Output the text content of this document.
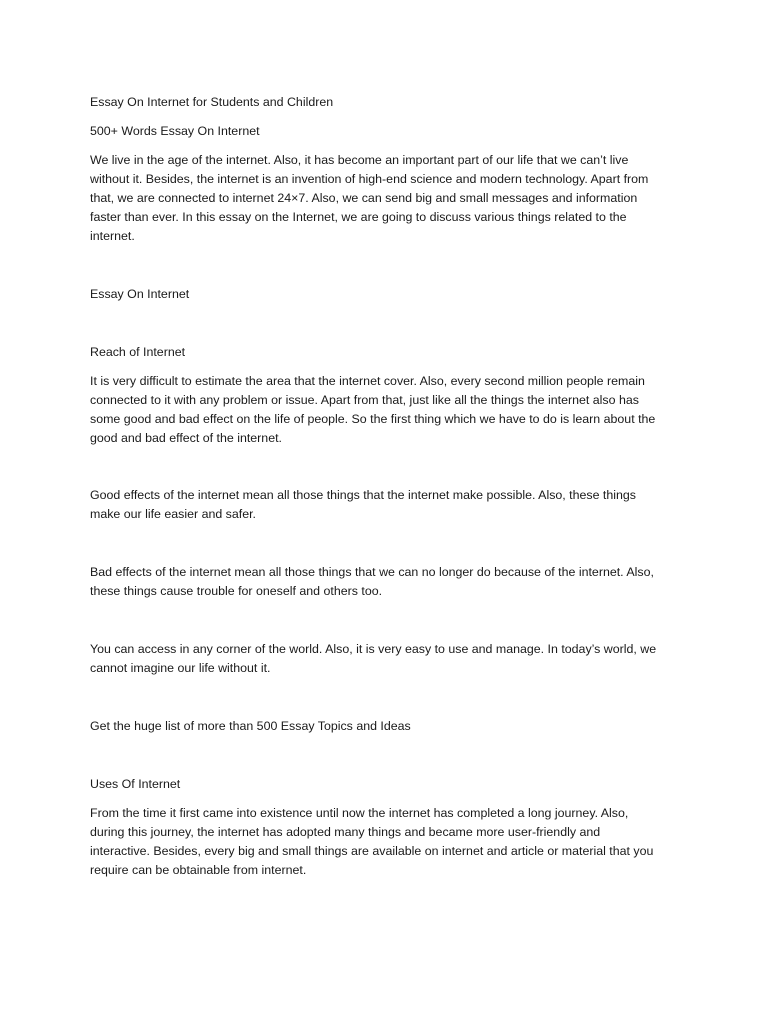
Essay On Internet for Students and Children

500+ Words Essay On Internet

We live in the age of the internet. Also, it has become an important part of our life that we can’t live

without it. Besides, the internet is an invention of high-end science and modern technology. Apart from

that, we are connected to internet 24×7. Also, we can send big and small messages and information

faster than ever. In this essay on the Internet, we are going to discuss various things related to the

internet.

Essay On Internet

Reach of Internet

It is very difficult to estimate the area that the internet cover. Also, every second million people remain

connected to it with any problem or issue. Apart from that, just like all the things the internet also has

some good and bad effect on the life of people. So the first thing which we have to do is learn about the

good and bad effect of the internet.

Good effects of the internet mean all those things that the internet make possible. Also, these things

make our life easier and safer.

Bad effects of the internet mean all those things that we can no longer do because of the internet. Also,

these things cause trouble for oneself and others too.

You can access in any corner of the world. Also, it is very easy to use and manage. In today’s world, we

cannot imagine our life without it.

Get the huge list of more than 500 Essay Topics and Ideas

Uses Of Internet

From the time it first came into existence until now the internet has completed a long journey. Also,

during this journey, the internet has adopted many things and became more user-friendly and

interactive. Besides, every big and small things are available on internet and article or material that you

require can be obtainable from internet.
